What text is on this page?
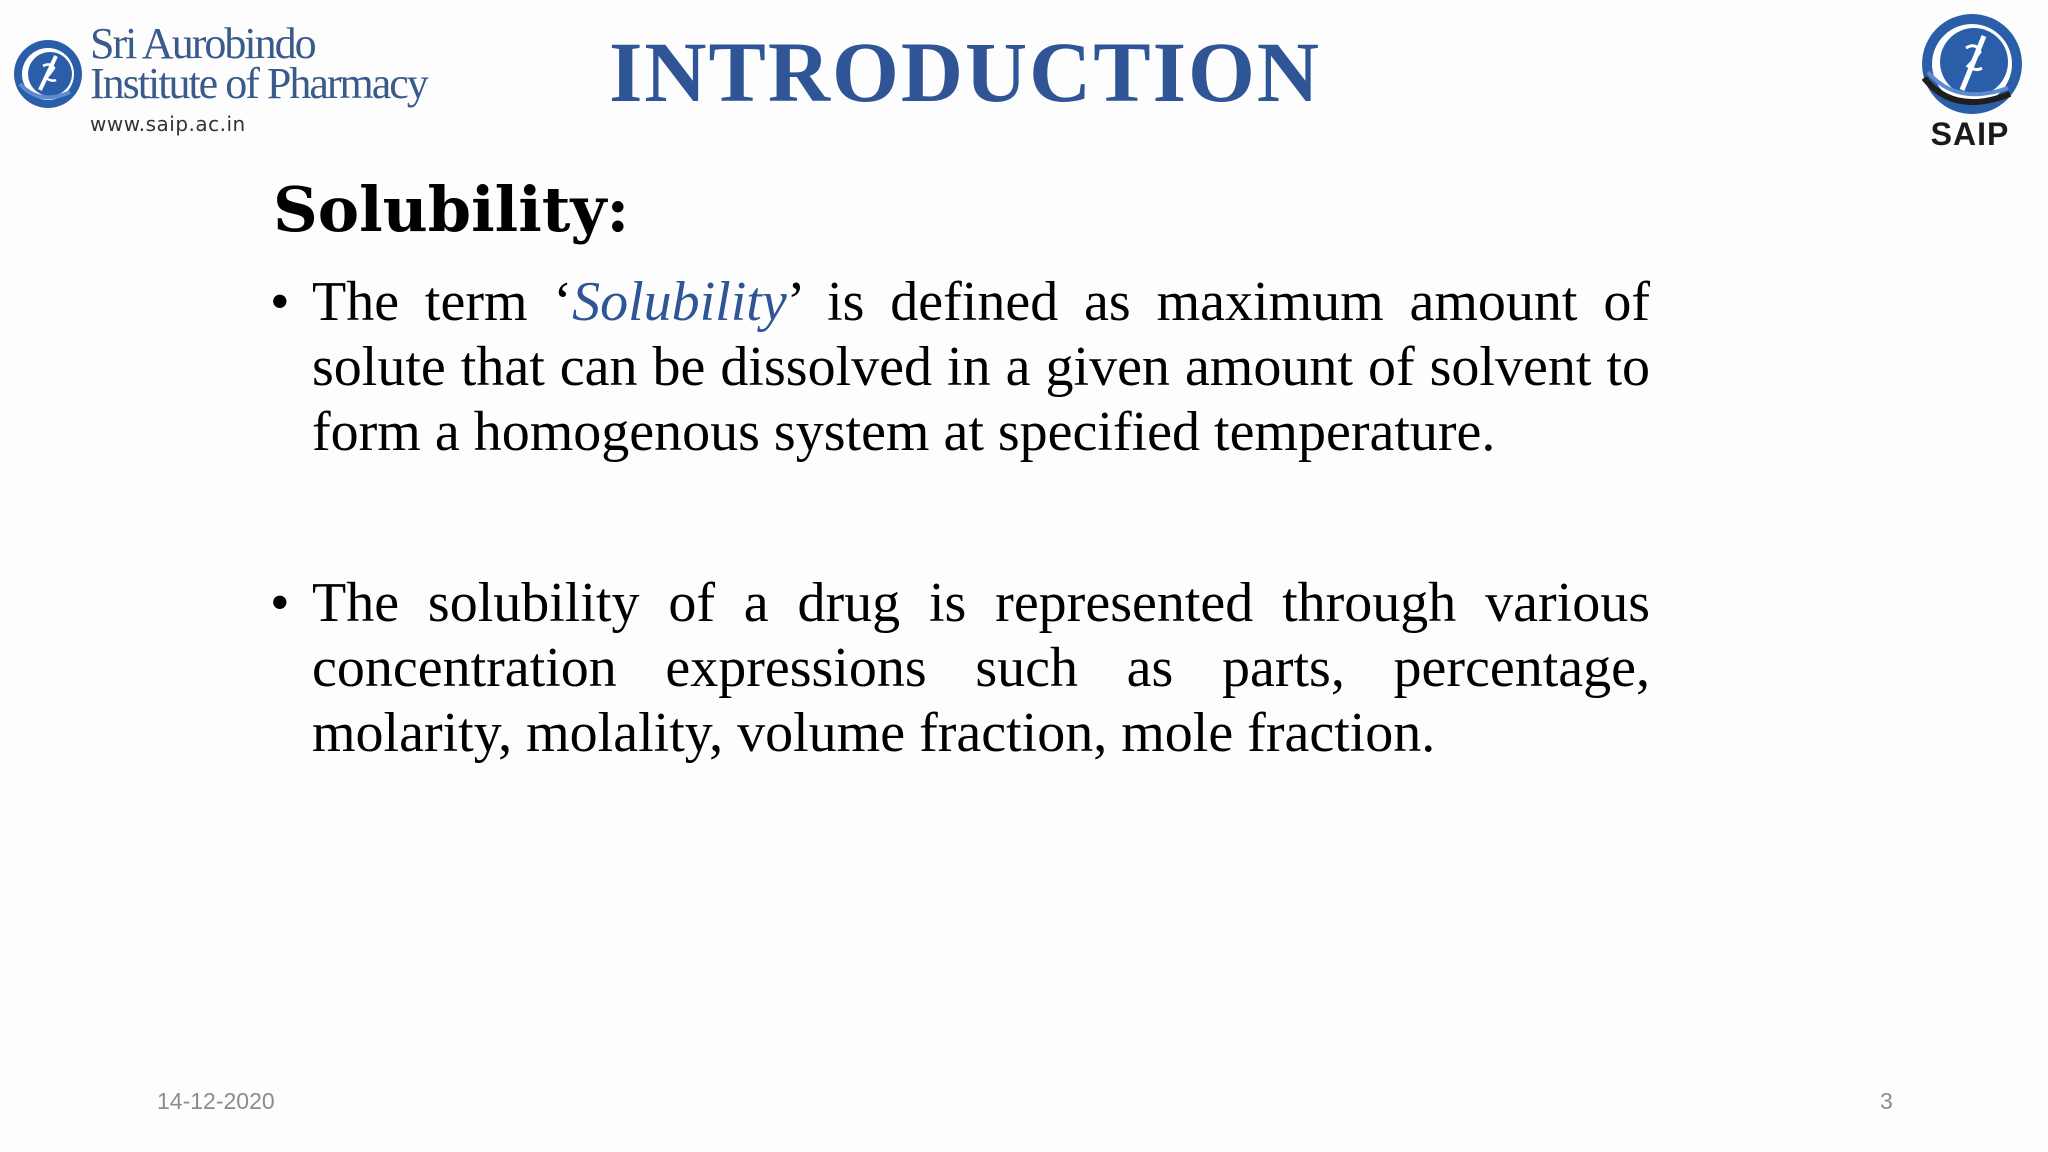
Sri Aurobindo
Institute of Pharmacy
www.saip.ac.in
INTRODUCTION
SAIP
Solubility:
• The term ‘Solubility’ is defined as maximum amount of solute that can be dissolved in a given amount of solvent to form a homogenous system at specified temperature.
• The solubility of a drug is represented through various concentration expressions such as parts, percentage, molarity, molality, volume fraction, mole fraction.
14-12-2020	3
